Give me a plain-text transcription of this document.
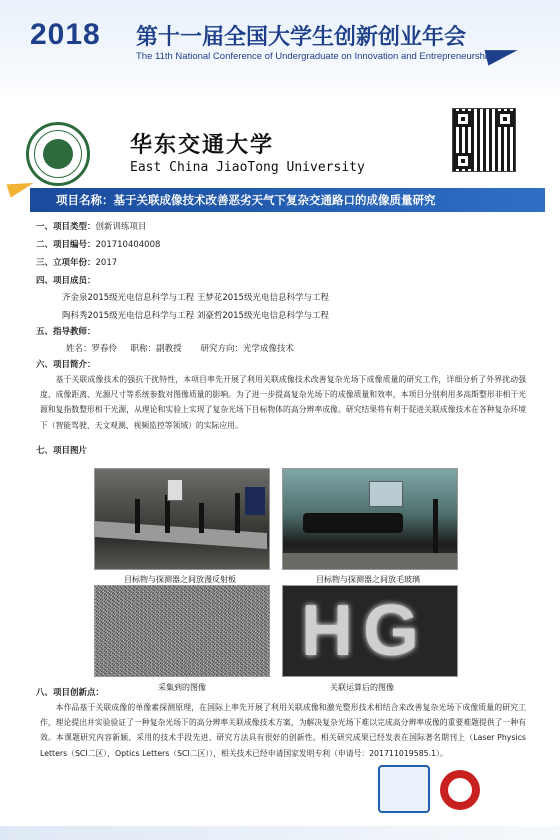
2018 第十一届全国大学生创新创业年会
The 11th National Conference of Undergraduate on Innovation and Entrepreneurship
华东交通大学
East China JiaoTong University
项目名称：基于关联成像技术改善恶劣天气下复杂交通路口的成像质量研究
一、项目类型：创新训练项目
二、项目编号：201710404008
三、立项年份：2017
四、项目成员：
齐金泉2015级光电信息科学与工程 王梦花2015级光电信息科学与工程
陶科秀2015级光电信息科学与工程 刘豪哲2015级光电信息科学与工程
五、指导教师：
姓名：罗春伶 职称：副教授 研究方向：光学成像技术
六、项目简介：
基于关联成像技术的强抗干扰特性，本项目率先开展了利用关联成像技术改善复杂光场下成像质量的研究工作，详细分析了外界扰动强度、成像距离、光源尺寸等系统参数对图像质量的影响。为了进一步提高复杂光场下的成像质量和效率，本项目分别利用多高斯整形非相干光源和复指数整形相干光源，从理论和实验上实现了复杂光场下目标物体的高分辨率成像。研究结果将有利于促进关联成像技术在各种复杂环境下（智能驾驶、天文观测、视频监控等领域）的实际应用。
七、项目图片
目标物与探测器之间放漫反射板	目标物与探测器之间放毛玻璃
HG
采集到的图像	关联运算后的图像
八、项目创新点：
本作品基于关联成像的单像素探测原理，在国际上率先开展了利用关联成像和激光整形技术相结合来改善复杂光场下成像质量的研究工作，理论提出并实验验证了一种复杂光场下的高分辨率关联成像技术方案，为解决复杂光场下难以完成高分辨率成像的重要难题提供了一种有效。本课题研究内容新颖、采用的技术手段先进、研究方法具有很好的创新性。相关研究成果已经发表在国际著名期刊上（Laser Physics Letters（SCI二区），Optics Letters（SCI二区）），相关技术已经申请国家发明专利（申请号：201711019585.1）。
